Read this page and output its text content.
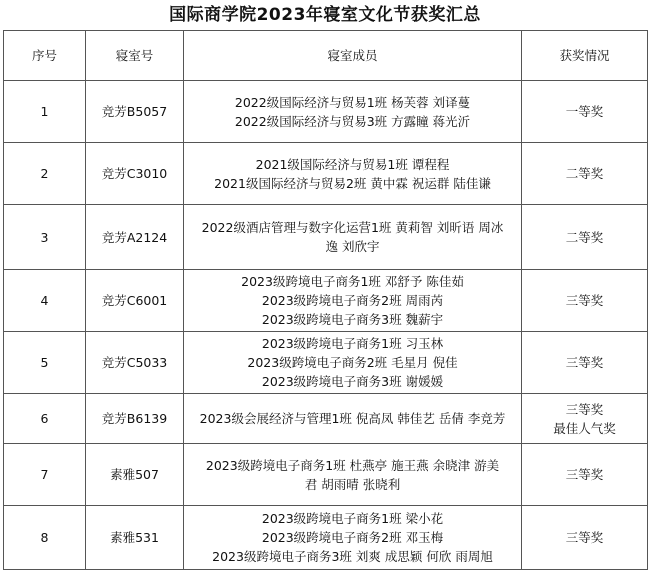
国际商学院2023年寝室文化节获奖汇总
序号	寝室号	寝室成员	获奖情况
1	竞芳B5057	2022级国际经济与贸易1班 杨芙蓉 刘译蔓
2022级国际经济与贸易3班 方露瞳 蒋光沂	一等奖

2	竞芳C3010	2021级国际经济与贸易1班 谭程程
2021级国际经济与贸易2班 黄中霖 祝运群 陆佳谦	二等奖

3	竞芳A2124	2022级酒店管理与数字化运营1班 黄莉智 刘昕语 周冰
逸 刘欣宇	二等奖

4	竞芳C6001	2023级跨境电子商务1班 邓舒予 陈佳茹
2023级跨境电子商务2班 周雨芮
2023级跨境电子商务3班 魏薪宇	三等奖

5	竞芳C5033	2023级跨境电子商务1班 习玉林
2023级跨境电子商务2班 毛星月 倪佳
2023级跨境电子商务3班 谢媛媛	三等奖

6	竞芳B6139	2023级会展经济与管理1班 倪高凤 韩佳艺 岳倩 李竞芳	三等奖
最佳人气奖

7	素雅507	2023级跨境电子商务1班 杜燕亭 施王燕 余晓津 游美
君 胡雨晴 张晓利	三等奖

8	素雅531	2023级跨境电子商务1班 梁小花
2023级跨境电子商务2班 邓玉梅
2023级跨境电子商务3班 刘爽 成思颖 何欣 雨周旭	三等奖
